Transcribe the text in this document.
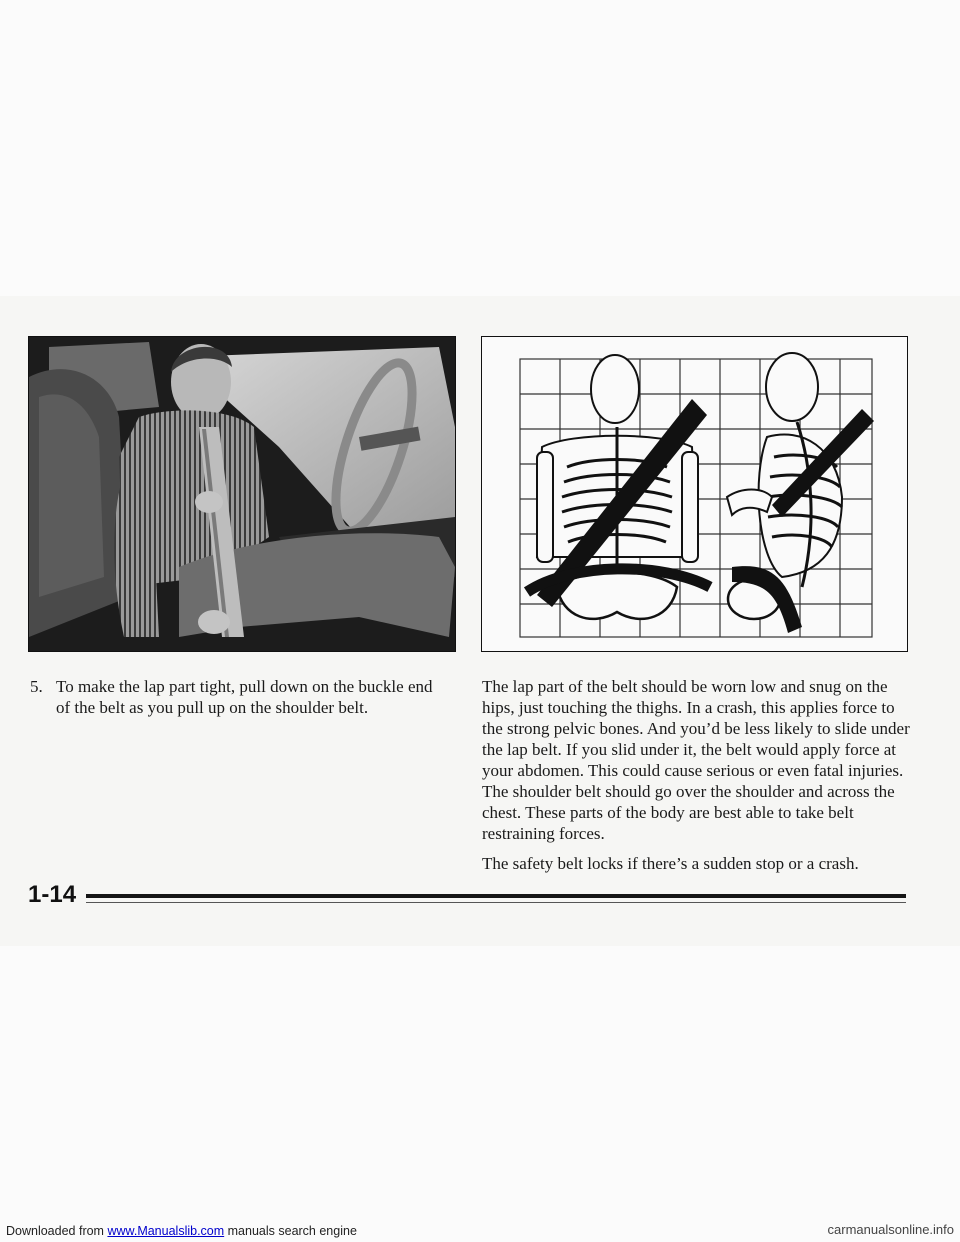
5. To make the lap part tight, pull down on the buckle end of the belt as you pull up on the shoulder belt.

The lap part of the belt should be worn low and snug on the hips, just touching the thighs. In a crash, this applies force to the strong pelvic bones. And you’d be less likely to slide under the lap belt. If you slid under it, the belt would apply force at your abdomen. This could cause serious or even fatal injuries. The shoulder belt should go over the shoulder and across the chest. These parts of the body are best able to take belt restraining forces.

The safety belt locks if there’s a sudden stop or a crash.

1-14
Downloaded from www.Manualslib.com manuals search engine	carmanualsonline.info
